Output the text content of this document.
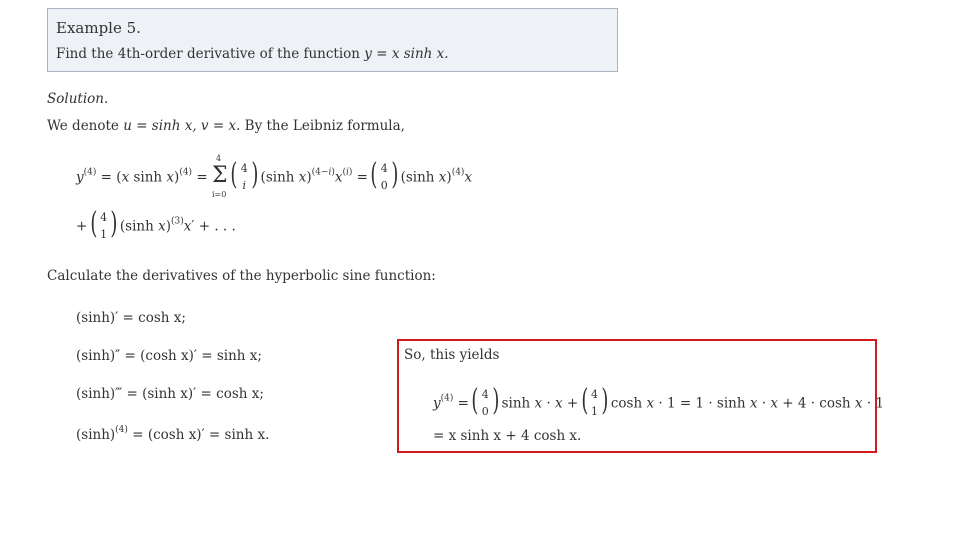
Example 5.
Find the 4th-order derivative of the function y = x sinh x.
Solution.
We denote u = sinh x, v = x. By the Leibniz formula,
$y^{(4)} = (x$ sinh x)$^{(4)}$ =
4
Σ
i=0

( 4
i )
(sinh $x)^{(4-i)}x^{(i)}$ =
( 4
0 )
(sinh x)$^{(4)}$x
+
( 4
1 )
(sinh x)$^{(3)}$x′ + . . .
Calculate the derivatives of the hyperbolic sine function:
(sinh)′ = cosh x;
(sinh)″ = (cosh x)′ = sinh x;
(sinh)‴ = (sinh x)′ = cosh x;
$(\sinh)^{(4)} = (\cosh$ x)′ = sinh x.
So, this yields
$y^{(4)}$ =
( 4
0 )
sinh x · x +
( 4
1 )
cosh x · 1 = 1 · sinh x · x + 4 · cosh x · 1
= x sinh x + 4 cosh x.
